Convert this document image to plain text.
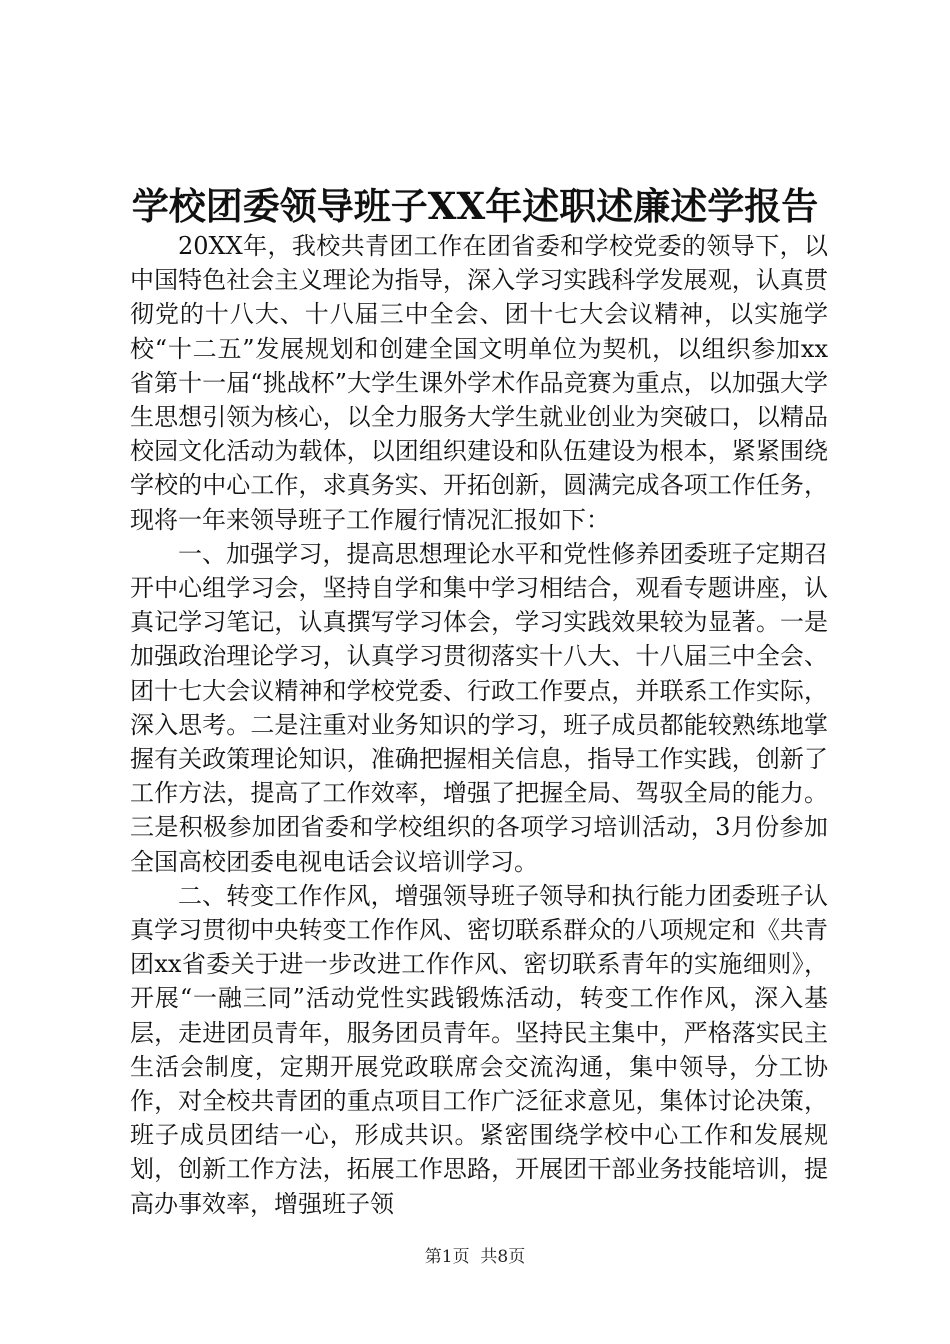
学校团委领导班子XX年述职述廉述学报告

20XX年，我校共青团工作在团省委和学校党委的领导下，以中国特色社会主义理论为指导，深入学习实践科学发展观，认真贯彻党的十八大、十八届三中全会、团十七大会议精神，以实施学校“十二五”发展规划和创建全国文明单位为契机，以组织参加xx省第十一届“挑战杯”大学生课外学术作品竞赛为重点，以加强大学生思想引领为核心，以全力服务大学生就业创业为突破口，以精品校园文化活动为载体，以团组织建设和队伍建设为根本，紧紧围绕学校的中心工作，求真务实、开拓创新，圆满完成各项工作任务，现将一年来领导班子工作履行情况汇报如下：

一、加强学习，提高思想理论水平和党性修养团委班子定期召开中心组学习会，坚持自学和集中学习相结合，观看专题讲座，认真记学习笔记，认真撰写学习体会，学习实践效果较为显著。一是加强政治理论学习，认真学习贯彻落实十八大、十八届三中全会、团十七大会议精神和学校党委、行政工作要点，并联系工作实际，深入思考。二是注重对业务知识的学习，班子成员都能较熟练地掌握有关政策理论知识，准确把握相关信息，指导工作实践，创新了工作方法，提高了工作效率，增强了把握全局、驾驭全局的能力。三是积极参加团省委和学校组织的各项学习培训活动，3月份参加全国高校团委电视电话会议培训学习。

二、转变工作作风，增强领导班子领导和执行能力团委班子认真学习贯彻中央转变工作作风、密切联系群众的八项规定和《共青团xx省委关于进一步改进工作作风、密切联系青年的实施细则》，开展“一融三同”活动党性实践锻炼活动，转变工作作风，深入基层，走进团员青年，服务团员青年。坚持民主集中，严格落实民主生活会制度，定期开展党政联席会交流沟通，集中领导，分工协作，对全校共青团的重点项目工作广泛征求意见，集体讨论决策，班子成员团结一心，形成共识。紧密围绕学校中心工作和发展规划，创新工作方法，拓展工作思路，开展团干部业务技能培训，提高办事效率，增强班子领

第1页 共8页
